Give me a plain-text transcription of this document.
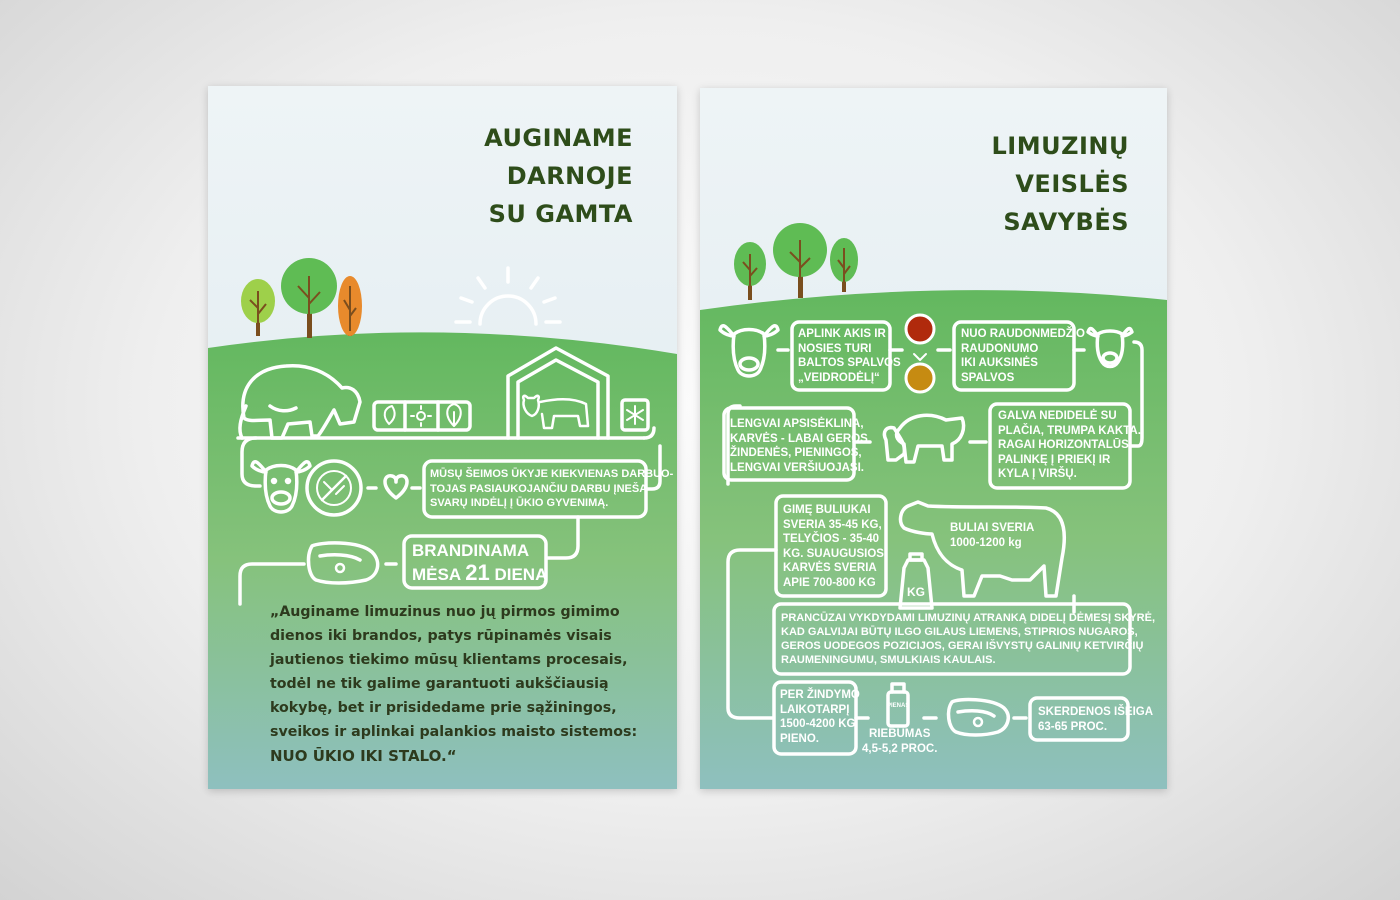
AUGINAME
DARNOJE
SU GAMTA
MŪSŲ ŠEIMOS ŪKYJE KIEKVIENAS DARBUO-
TOJAS PASIAUKOJANČIU DARBU ĮNEŠA
SVARŲ INDĖLĮ Į ŪKIO GYVENIMĄ.
BRANDINAMA
MĖSA 21 DIENĄ
„Auginame limuzinus nuo jų pirmos gimimo dienos iki brandos, patys rūpinamės visais jautienos tiekimo mūsų klientams procesais, todėl ne tik galime garantuoti aukščiausią kokybę, bet ir prisidedame prie sąžiningos, sveikos ir aplinkai palankios maisto sistemos:
NUO ŪKIO IKI STALO.“
LIMUZINŲ
VEISLĖS
SAVYBĖS
APLINK AKIS IR
NOSIES TURI
BALTOS SPALVOS
„VEIDRODĖLĮ“
NUO RAUDONMEDŽIO
RAUDONUMO
IKI AUKSINĖS
SPALVOS
LENGVAI APSISĖKLINA,
KARVĖS - LABAI GEROS
ŽINDENĖS, PIENINGOS,
LENGVAI VERŠIUOJASI.
GALVA NEDIDELĖ SU
PLAČIA, TRUMPA KAKTA.
RAGAI HORIZONTALŪS,
PALINKĘ Į PRIEKĮ IR
KYLA Į VIRŠŲ.
GIMĘ BULIUKAI
SVERIA 35-45 KG,
TELYČIOS - 35-40
KG. SUAUGUSIOS
KARVĖS SVERIA
APIE 700-800 KG
BULIAI SVERIA
1000-1200 kg
KG
PRANCŪZAI VYKDYDAMI LIMUZINŲ ATRANKĄ DIDELĮ DĖMESĮ SKYRĖ,
KAD GALVIJAI BŪTŲ ILGO GILAUS LIEMENS, STIPRIOS NUGAROS,
GEROS UODEGOS POZICIJOS, GERAI IŠVYSTŲ GALINIŲ KETVIRČIŲ
RAUMENINGUMU, SMULKIAIS KAULAIS.
PER ŽINDYMO
LAIKOTARPĮ
1500-4200 KG
PIENO.
PIENAS
RIEBUMAS
4,5-5,2 PROC.
SKERDENOS IŠEIGA
63-65 PROC.
